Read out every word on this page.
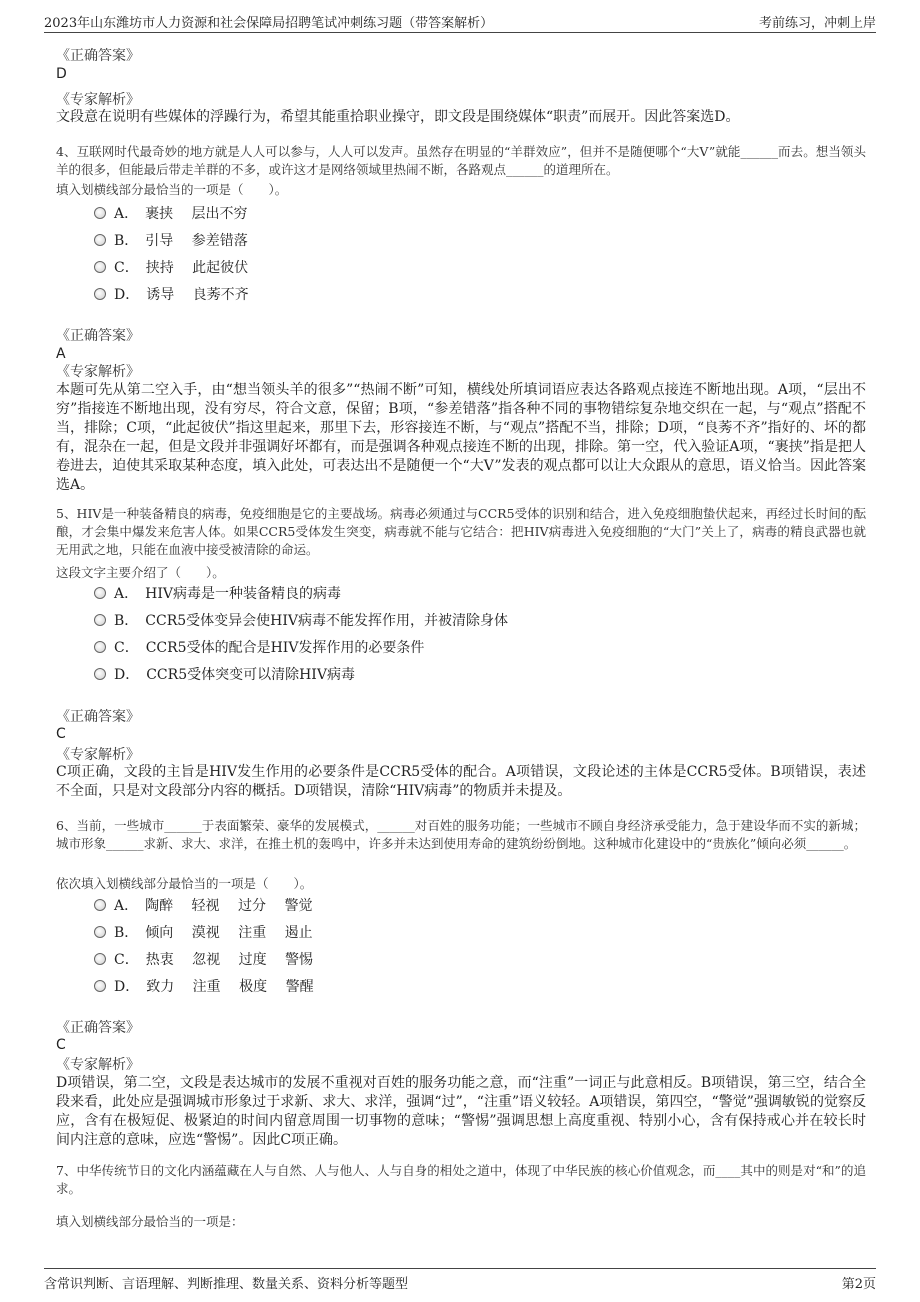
2023年山东潍坊市人力资源和社会保障局招聘笔试冲刺练习题（带答案解析）	考前练习，冲刺上岸
《正确答案》
D
《专家解析》
文段意在说明有些媒体的浮躁行为，希望其能重拾职业操守，即文段是围绕媒体“职责”而展开。因此答案选D。
4、互联网时代最奇妙的地方就是人人可以参与，人人可以发声。虽然存在明显的“羊群效应”，但并不是随便哪个“大V”就能______而去。想当领头羊的很多，但能最后带走羊群的不多，或许这才是网络领域里热闹不断，各路观点______的道理所在。
填入划横线部分最恰当的一项是（　　）。
A．　裹挟　 层出不穷
B．　引导　 参差错落
C．　挟持　 此起彼伏
D．　诱导　 良莠不齐
《正确答案》
A
《专家解析》
本题可先从第二空入手，由“想当领头羊的很多”“热闹不断”可知，横线处所填词语应表达各路观点接连不断地出现。A项，“层出不穷”指接连不断地出现，没有穷尽，符合文意，保留；B项，“参差错落”指各种不同的事物错综复杂地交织在一起，与“观点”搭配不当，排除；C项，“此起彼伏”指这里起来，那里下去，形容接连不断，与“观点”搭配不当，排除；D项，“良莠不齐”指好的、坏的都有，混杂在一起，但是文段并非强调好坏都有，而是强调各种观点接连不断的出现，排除。第一空，代入验证A项，“裹挟”指是把人卷进去，迫使其采取某种态度，填入此处，可表达出不是随便一个“大V”发表的观点都可以让大众跟从的意思，语义恰当。因此答案选A。
5、HIV是一种装备精良的病毒，免疫细胞是它的主要战场。病毒必须通过与CCR5受体的识别和结合，进入免疫细胞蛰伏起来，再经过长时间的酝酿，才会集中爆发来危害人体。如果CCR5受体发生突变，病毒就不能与它结合：把HIV病毒进入免疫细胞的“大门”关上了，病毒的精良武器也就无用武之地，只能在血液中接受被清除的命运。
这段文字主要介绍了（　　）。
A．　HIV病毒是一种装备精良的病毒
B．　CCR5受体变异会使HIV病毒不能发挥作用，并被清除身体
C．　CCR5受体的配合是HIV发挥作用的必要条件
D．　CCR5受体突变可以清除HIV病毒
《正确答案》
C
《专家解析》
C项正确，文段的主旨是HIV发生作用的必要条件是CCR5受体的配合。A项错误，文段论述的主体是CCR5受体。B项错误，表述不全面，只是对文段部分内容的概括。D项错误，清除“HIV病毒”的物质并未提及。
6、当前，一些城市______于表面繁荣、豪华的发展模式，______对百姓的服务功能；一些城市不顾自身经济承受能力，急于建设华而不实的新城；城市形象______求新、求大、求洋，在推土机的轰鸣中，许多并未达到使用寿命的建筑纷纷倒地。这种城市化建设中的“贵族化”倾向必须______。
依次填入划横线部分最恰当的一项是（　　）。
A．　陶醉　 轻视　 过分　 警觉
B．　倾向　 漠视　 注重　 遏止
C．　热衷　 忽视　 过度　 警惕
D．　致力　 注重　 极度　 警醒
《正确答案》
C
《专家解析》
D项错误，第二空，文段是表达城市的发展不重视对百姓的服务功能之意，而“注重”一词正与此意相反。B项错误，第三空，结合全段来看，此处应是强调城市形象过于求新、求大、求洋，强调“过”，“注重”语义较轻。A项错误，第四空，“警觉”强调敏锐的觉察反应，含有在极短促、极紧迫的时间内留意周围一切事物的意味；“警惕”强调思想上高度重视、特别小心，含有保持戒心并在较长时间内注意的意味，应选“警惕”。因此C项正确。
7、中华传统节日的文化内涵蕴藏在人与自然、人与他人、人与自身的相处之道中，体现了中华民族的核心价值观念，而____其中的则是对“和”的追求。
填入划横线部分最恰当的一项是：
含常识判断、言语理解、判断推理、数量关系、资料分析等题型	第2页
